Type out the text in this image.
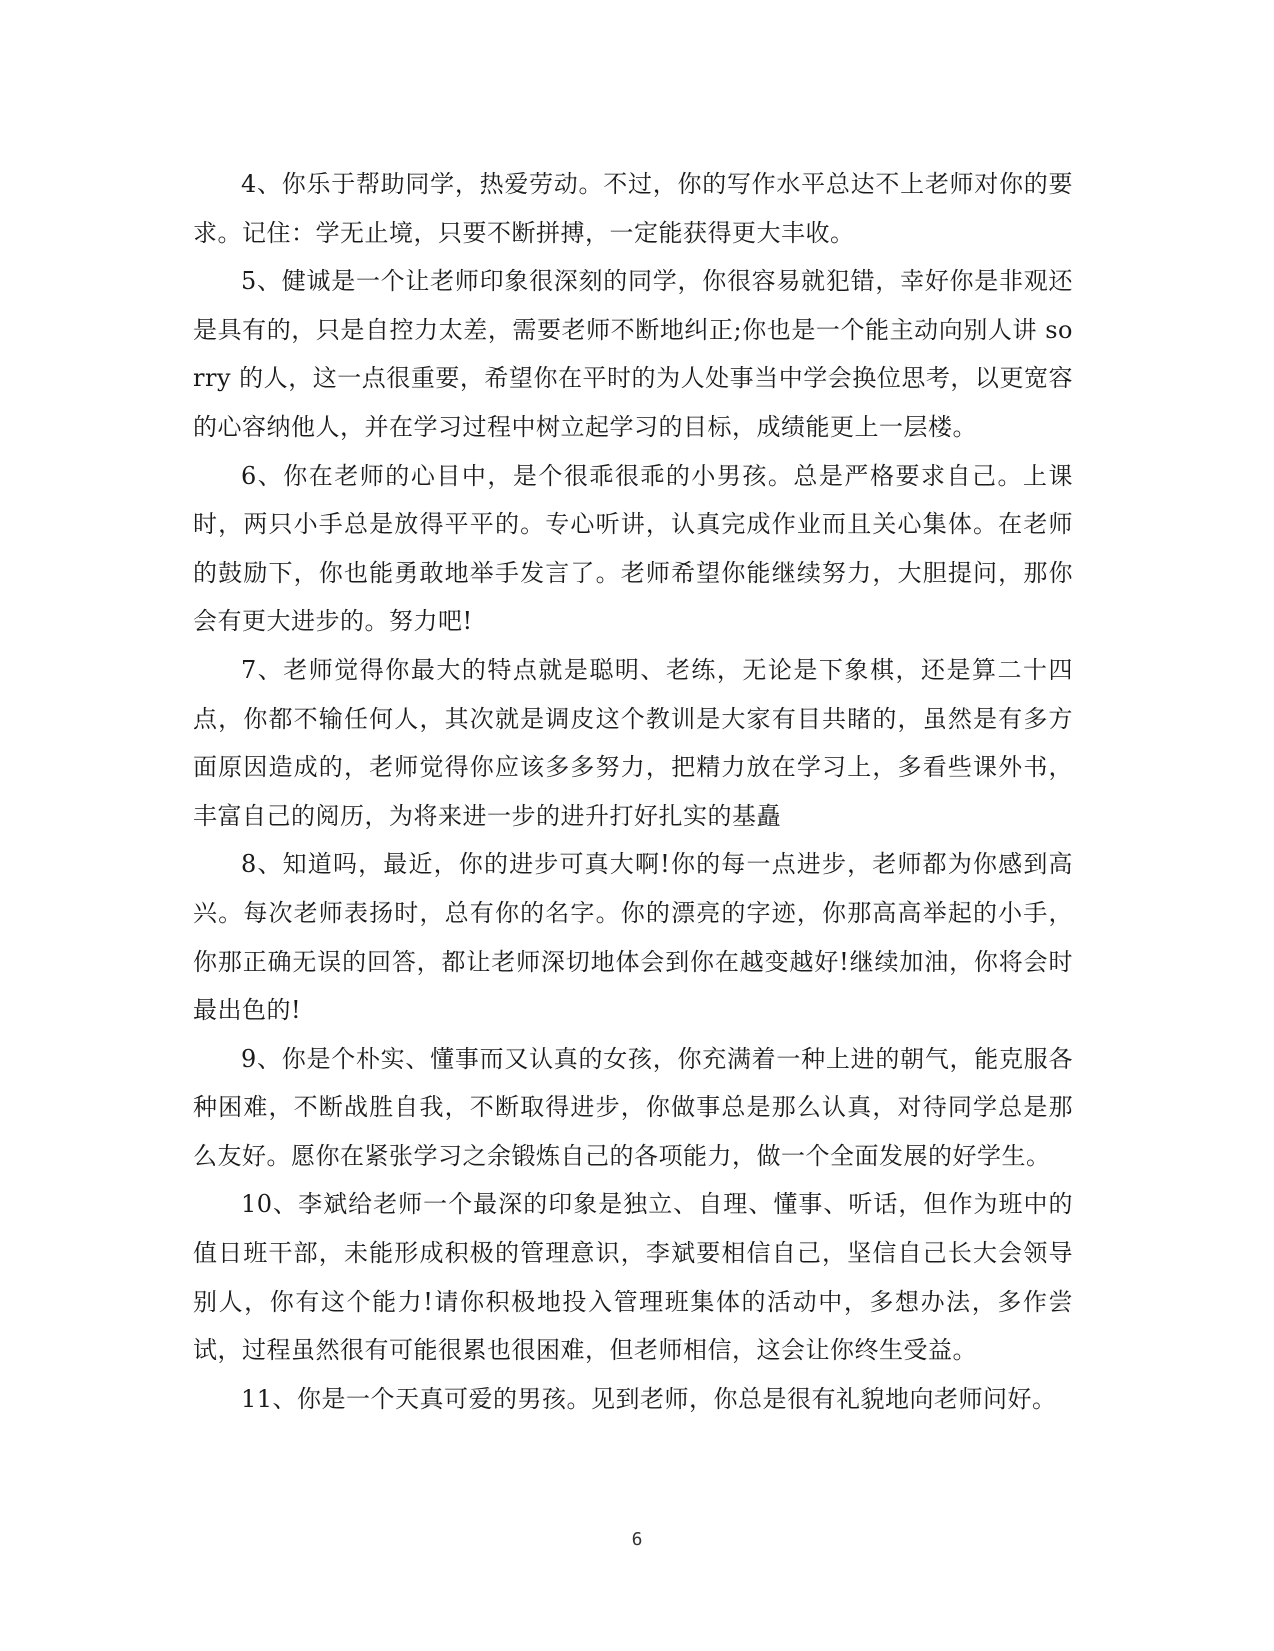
4、你乐于帮助同学，热爱劳动。不过，你的写作水平总达不上老师对你的要求。记住：学无止境，只要不断拼搏，一定能获得更大丰收。

5、健诚是一个让老师印象很深刻的同学，你很容易就犯错，幸好你是非观还是具有的，只是自控力太差，需要老师不断地纠正;你也是一个能主动向别人讲 sorry 的人，这一点很重要，希望你在平时的为人处事当中学会换位思考，以更宽容的心容纳他人，并在学习过程中树立起学习的目标，成绩能更上一层楼。

6、你在老师的心目中，是个很乖很乖的小男孩。总是严格要求自己。上课时，两只小手总是放得平平的。专心听讲，认真完成作业而且关心集体。在老师的鼓励下，你也能勇敢地举手发言了。老师希望你能继续努力，大胆提问，那你会有更大进步的。努力吧!

7、老师觉得你最大的特点就是聪明、老练，无论是下象棋，还是算二十四点，你都不输任何人，其次就是调皮这个教训是大家有目共睹的，虽然是有多方面原因造成的，老师觉得你应该多多努力，把精力放在学习上，多看些课外书，丰富自己的阅历，为将来进一步的进升打好扎实的基矗

8、知道吗，最近，你的进步可真大啊!你的每一点进步，老师都为你感到高兴。每次老师表扬时，总有你的名字。你的漂亮的字迹，你那高高举起的小手，你那正确无误的回答，都让老师深切地体会到你在越变越好!继续加油，你将会时最出色的!

9、你是个朴实、懂事而又认真的女孩，你充满着一种上进的朝气，能克服各种困难，不断战胜自我，不断取得进步，你做事总是那么认真，对待同学总是那么友好。愿你在紧张学习之余锻炼自己的各项能力，做一个全面发展的好学生。

10、李斌给老师一个最深的印象是独立、自理、懂事、听话，但作为班中的值日班干部，未能形成积极的管理意识，李斌要相信自己，坚信自己长大会领导别人，你有这个能力!请你积极地投入管理班集体的活动中，多想办法，多作尝试，过程虽然很有可能很累也很困难，但老师相信，这会让你终生受益。

11、你是一个天真可爱的男孩。见到老师，你总是很有礼貌地向老师问好。

6
